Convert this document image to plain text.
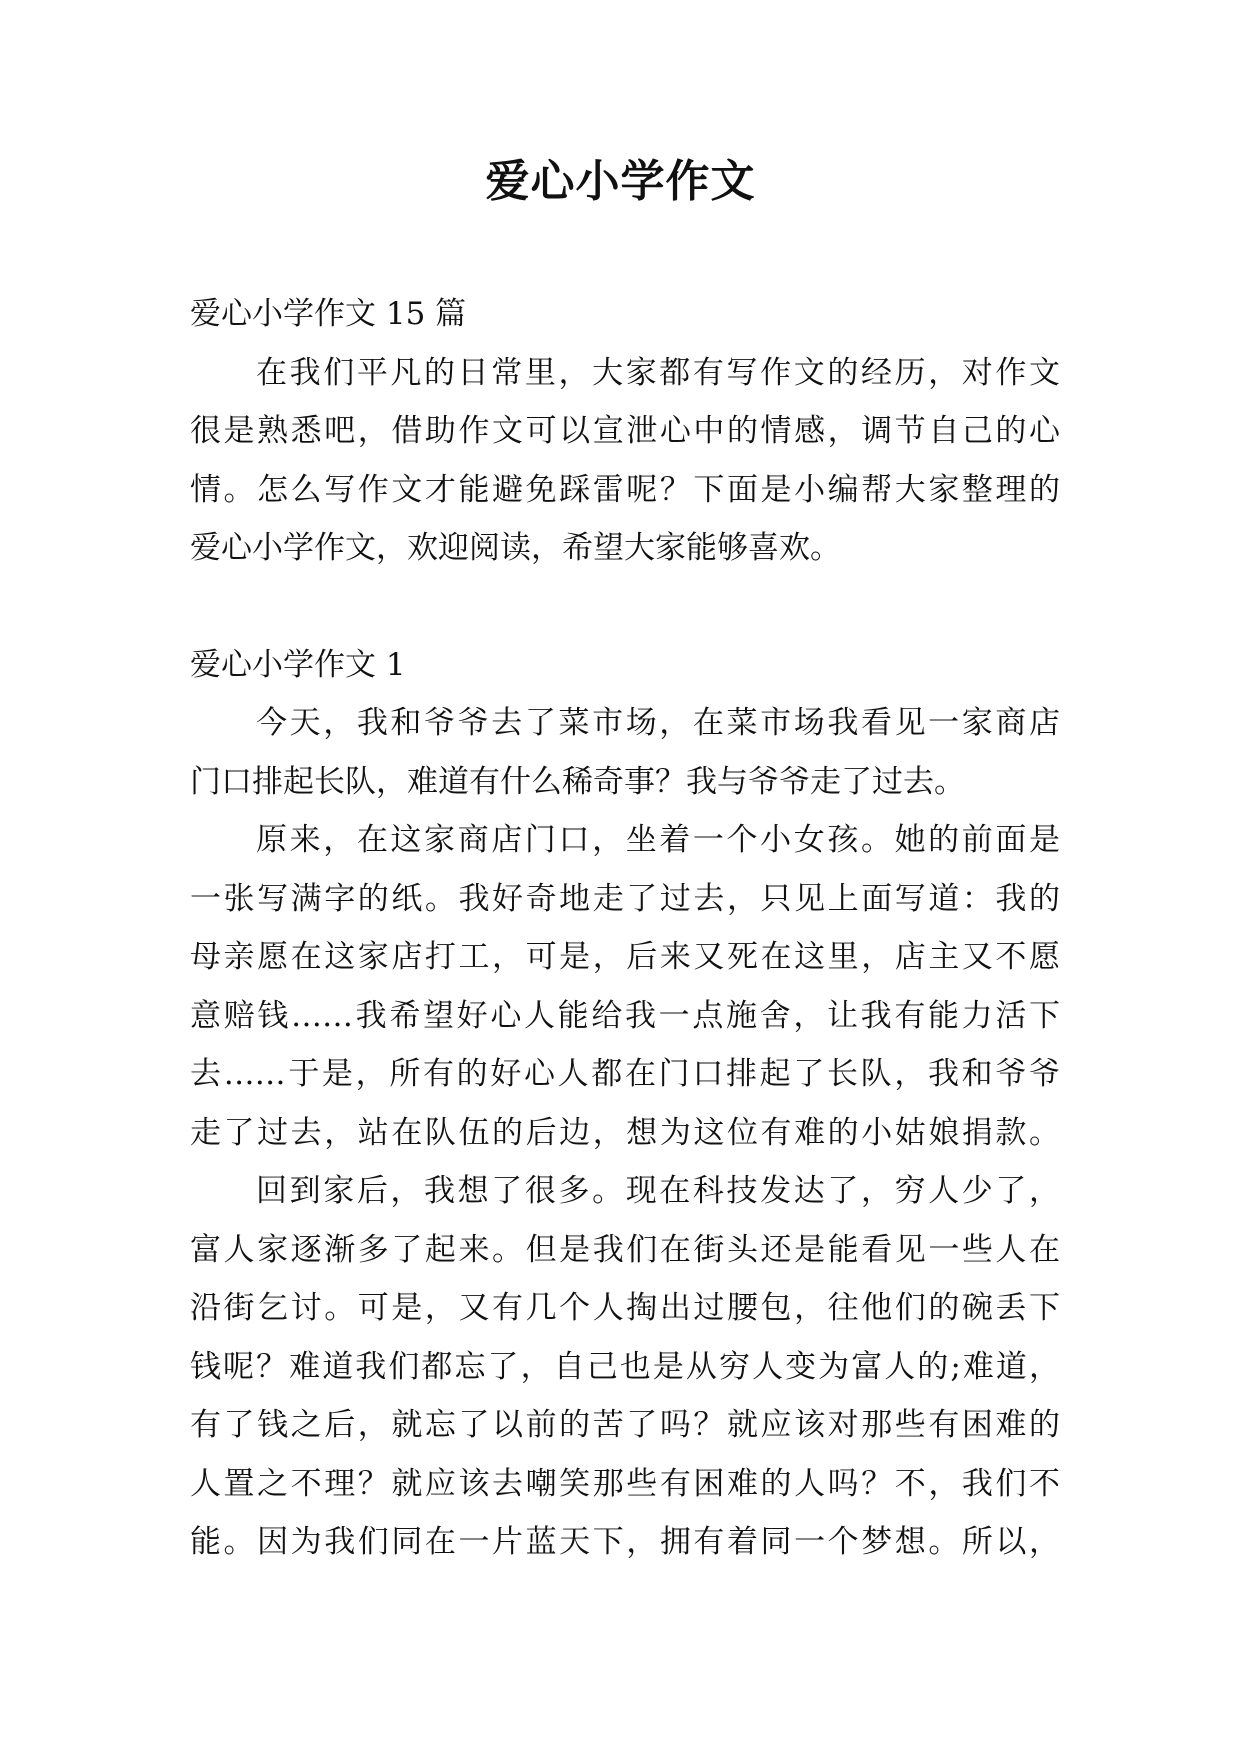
爱心小学作文
爱心小学作文 15 篇
在我们平凡的日常里，大家都有写作文的经历，对作文
很是熟悉吧，借助作文可以宣泄心中的情感，调节自己的心
情。怎么写作文才能避免踩雷呢？下面是小编帮大家整理的
爱心小学作文，欢迎阅读，希望大家能够喜欢。
爱心小学作文 1
今天，我和爷爷去了菜市场，在菜市场我看见一家商店
门口排起长队，难道有什么稀奇事？我与爷爷走了过去。
原来，在这家商店门口，坐着一个小女孩。她的前面是
一张写满字的纸。我好奇地走了过去，只见上面写道：我的
母亲愿在这家店打工，可是，后来又死在这里，店主又不愿
意赔钱……我希望好心人能给我一点施舍，让我有能力活下
去……于是，所有的好心人都在门口排起了长队，我和爷爷
走了过去，站在队伍的后边，想为这位有难的小姑娘捐款。
回到家后，我想了很多。现在科技发达了，穷人少了，
富人家逐渐多了起来。但是我们在街头还是能看见一些人在
沿街乞讨。可是，又有几个人掏出过腰包，往他们的碗丢下
钱呢？难道我们都忘了，自己也是从穷人变为富人的;难道，
有了钱之后，就忘了以前的苦了吗？就应该对那些有困难的
人置之不理？就应该去嘲笑那些有困难的人吗？不，我们不
能。因为我们同在一片蓝天下，拥有着同一个梦想。所以，
